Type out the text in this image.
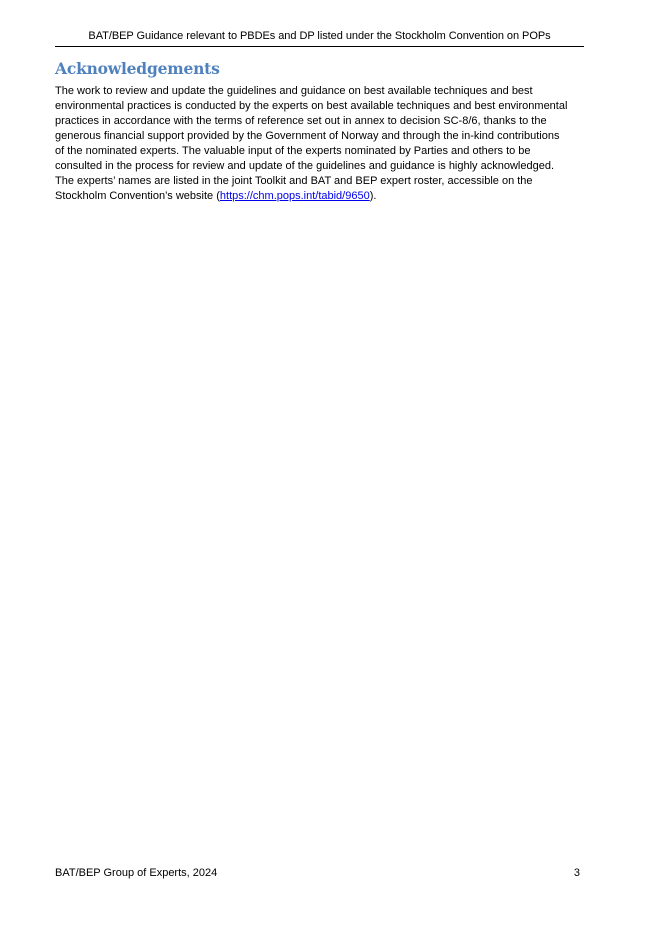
BAT/BEP Guidance relevant to PBDEs and DP listed under the Stockholm Convention on POPs
Acknowledgements

The work to review and update the guidelines and guidance on best available techniques and best
environmental practices is conducted by the experts on best available techniques and best environmental
practices in accordance with the terms of reference set out in annex to decision SC-8/6, thanks to the
generous financial support provided by the Government of Norway and through the in-kind contributions
of the nominated experts. The valuable input of the experts nominated by Parties and others to be
consulted in the process for review and update of the guidelines and guidance is highly acknowledged.
The experts’ names are listed in the joint Toolkit and BAT and BEP expert roster, accessible on the
Stockholm Convention’s website (https://chm.pops.int/tabid/9650).

BAT/BEP Group of Experts, 2024	3
